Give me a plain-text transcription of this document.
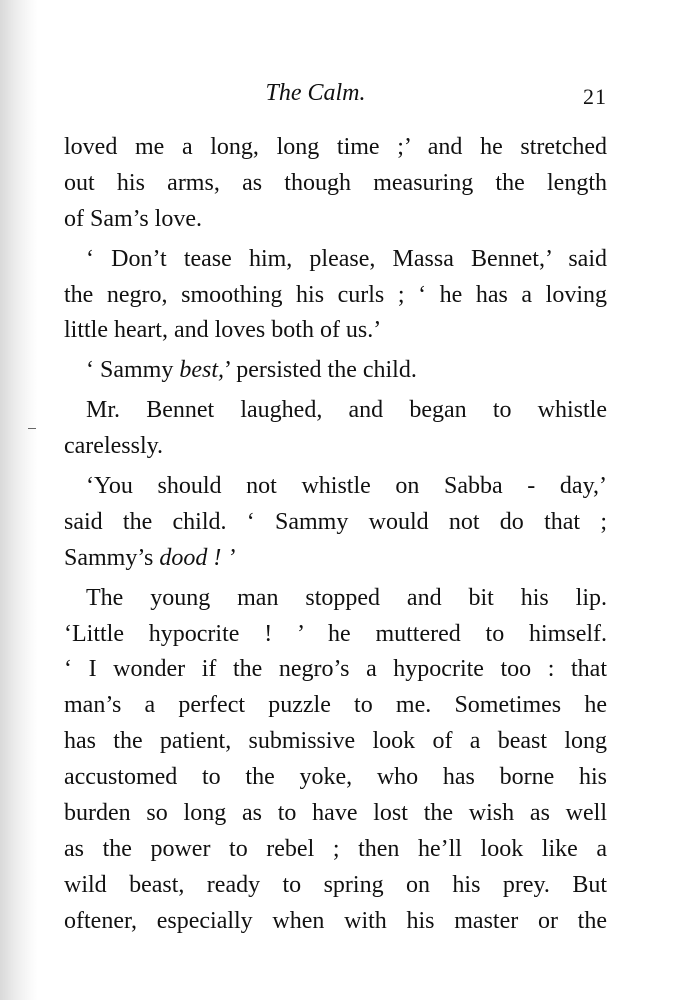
The Calm.	21
loved me a long, long time ;’ and he stretched
out his arms, as though measuring the length
of Sam’s love.
‘ Don’t tease him, please, Massa Bennet,’ said
the negro, smoothing his curls ; ‘ he has a loving
little heart, and loves both of us.’
‘ Sammy best,’ persisted the child.
Mr. Bennet laughed, and began to whistle
carelessly.
‘You should not whistle on Sabba - day,’
said the child. ‘ Sammy would not do that ;
Sammy’s dood ! ’
The young man stopped and bit his lip.
‘Little hypocrite ! ’ he muttered to himself.
‘ I wonder if the negro’s a hypocrite too : that
man’s a perfect puzzle to me. Sometimes he
has the patient, submissive look of a beast long
accustomed to the yoke, who has borne his
burden so long as to have lost the wish as well
as the power to rebel ; then he’ll look like a
wild beast, ready to spring on his prey. But
oftener, especially when with his master or the
